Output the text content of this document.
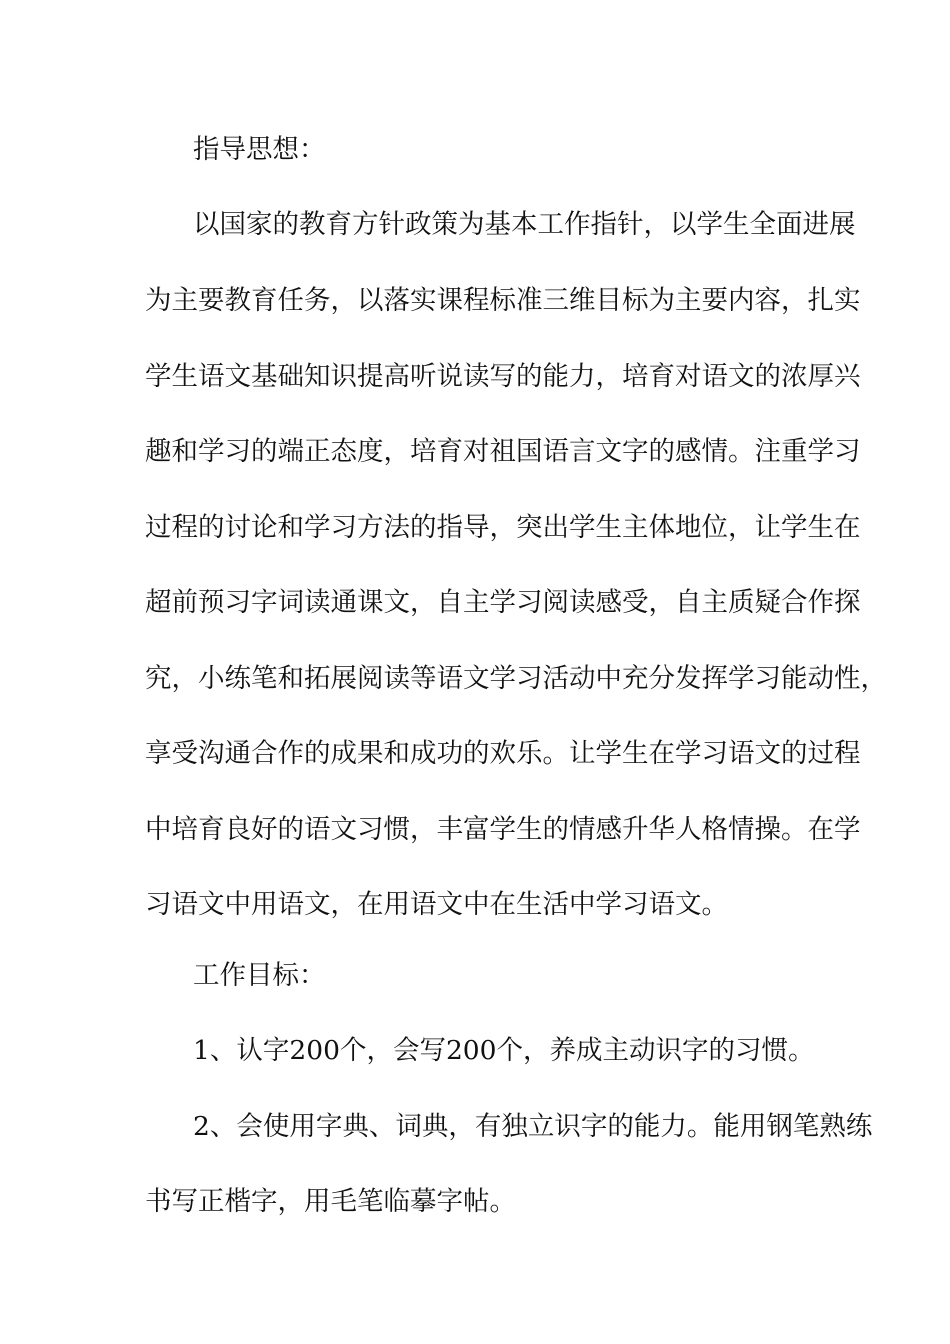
指导思想：
以国家的教育方针政策为基本工作指针，以学生全面进展
为主要教育任务，以落实课程标准三维目标为主要内容，扎实
学生语文基础知识提高听说读写的能力，培育对语文的浓厚兴
趣和学习的端正态度，培育对祖国语言文字的感情。注重学习
过程的讨论和学习方法的指导，突出学生主体地位，让学生在
超前预习字词读通课文，自主学习阅读感受，自主质疑合作探
究，小练笔和拓展阅读等语文学习活动中充分发挥学习能动性，
享受沟通合作的成果和成功的欢乐。让学生在学习语文的过程
中培育良好的语文习惯，丰富学生的情感升华人格情操。在学
习语文中用语文，在用语文中在生活中学习语文。
工作目标：
1、认字200个，会写200个，养成主动识字的习惯。
2、会使用字典、词典，有独立识字的能力。能用钢笔熟练
书写正楷字，用毛笔临摹字帖。
